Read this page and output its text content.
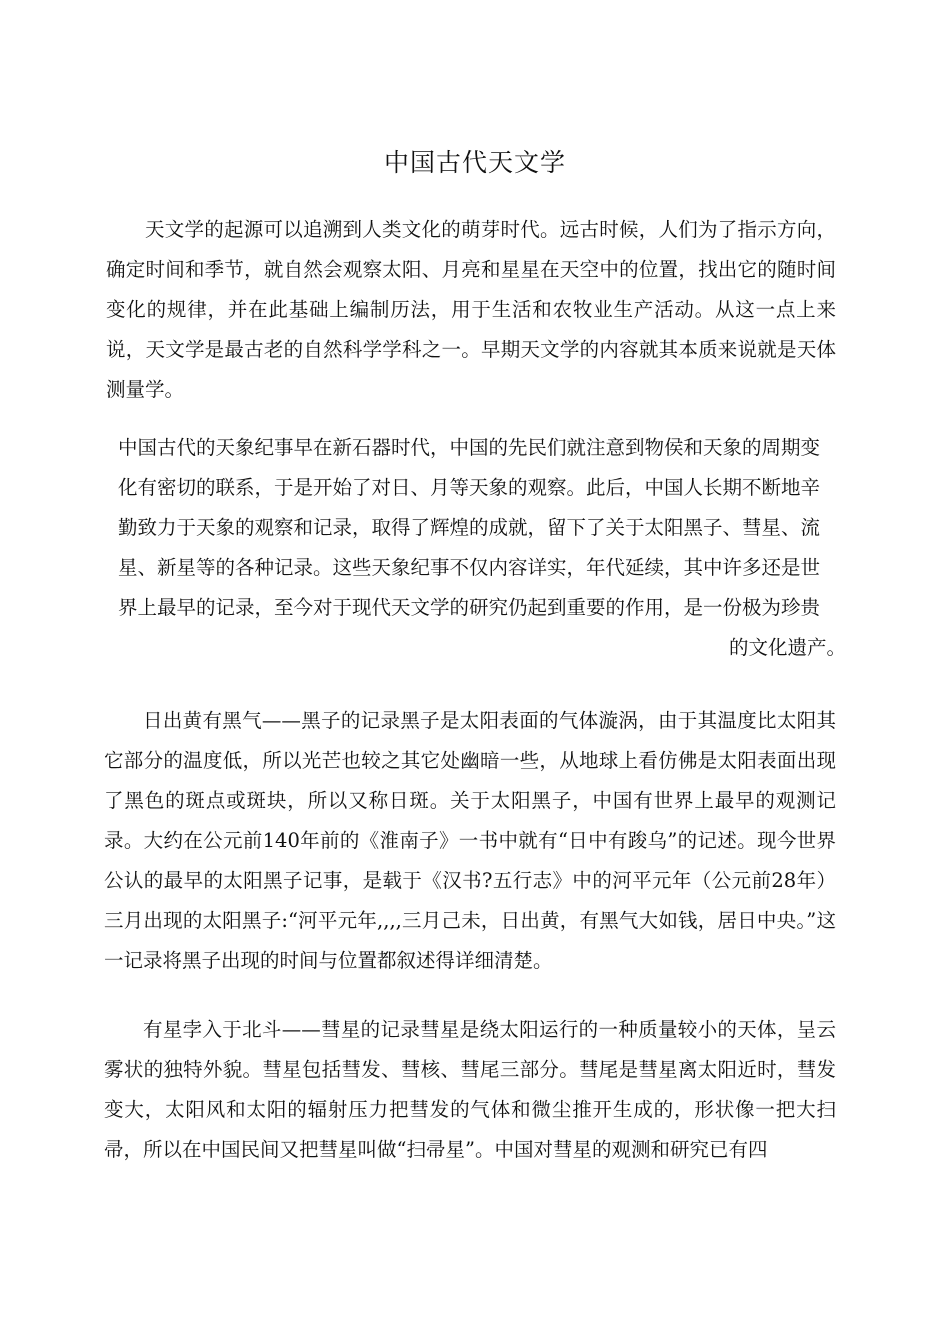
中国古代天文学

天文学的起源可以追溯到人类文化的萌芽时代。远古时候，人们为了指示方向，确定时间和季节，就自然会观察太阳、月亮和星星在天空中的位置，找出它的随时间变化的规律，并在此基础上编制历法，用于生活和农牧业生产活动。从这一点上来说，天文学是最古老的自然科学学科之一。早期天文学的内容就其本质来说就是天体测量学。

中国古代的天象纪事早在新石器时代，中国的先民们就注意到物侯和天象的周期变
化有密切的联系，于是开始了对日、月等天象的观察。此后，中国人长期不断地辛
勤致力于天象的观察和记录，取得了辉煌的成就，留下了关于太阳黑子、彗星、流
星、新星等的各种记录。这些天象纪事不仅内容详实，年代延续，其中许多还是世
界上最早的记录，至今对于现代天文学的研究仍起到重要的作用，是一份极为珍贵
的文化遗产。

日出黄有黑气——黑子的记录黑子是太阳表面的气体漩涡，由于其温度比太阳其它部分的温度低，所以光芒也较之其它处幽暗一些，从地球上看仿佛是太阳表面出现了黑色的斑点或斑块，所以又称日斑。关于太阳黑子，中国有世界上最早的观测记录。大约在公元前140年前的《淮南子》一书中就有“日中有踆乌”的记述。现今世界公认的最早的太阳黑子记事，是载于《汉书?五行志》中的河平元年（公元前28年）三月出现的太阳黑子:“河平元年,,,,三月己未，日出黄，有黑气大如钱，居日中央。”这一记录将黑子出现的时间与位置都叙述得详细清楚。

有星孛入于北斗——彗星的记录彗星是绕太阳运行的一种质量较小的天体，呈云雾状的独特外貌。彗星包括彗发、彗核、彗尾三部分。彗尾是彗星离太阳近时，彗发变大，太阳风和太阳的辐射压力把彗发的气体和微尘推开生成的，形状像一把大扫帚，所以在中国民间又把彗星叫做“扫帚星”。中国对彗星的观测和研究已有四
